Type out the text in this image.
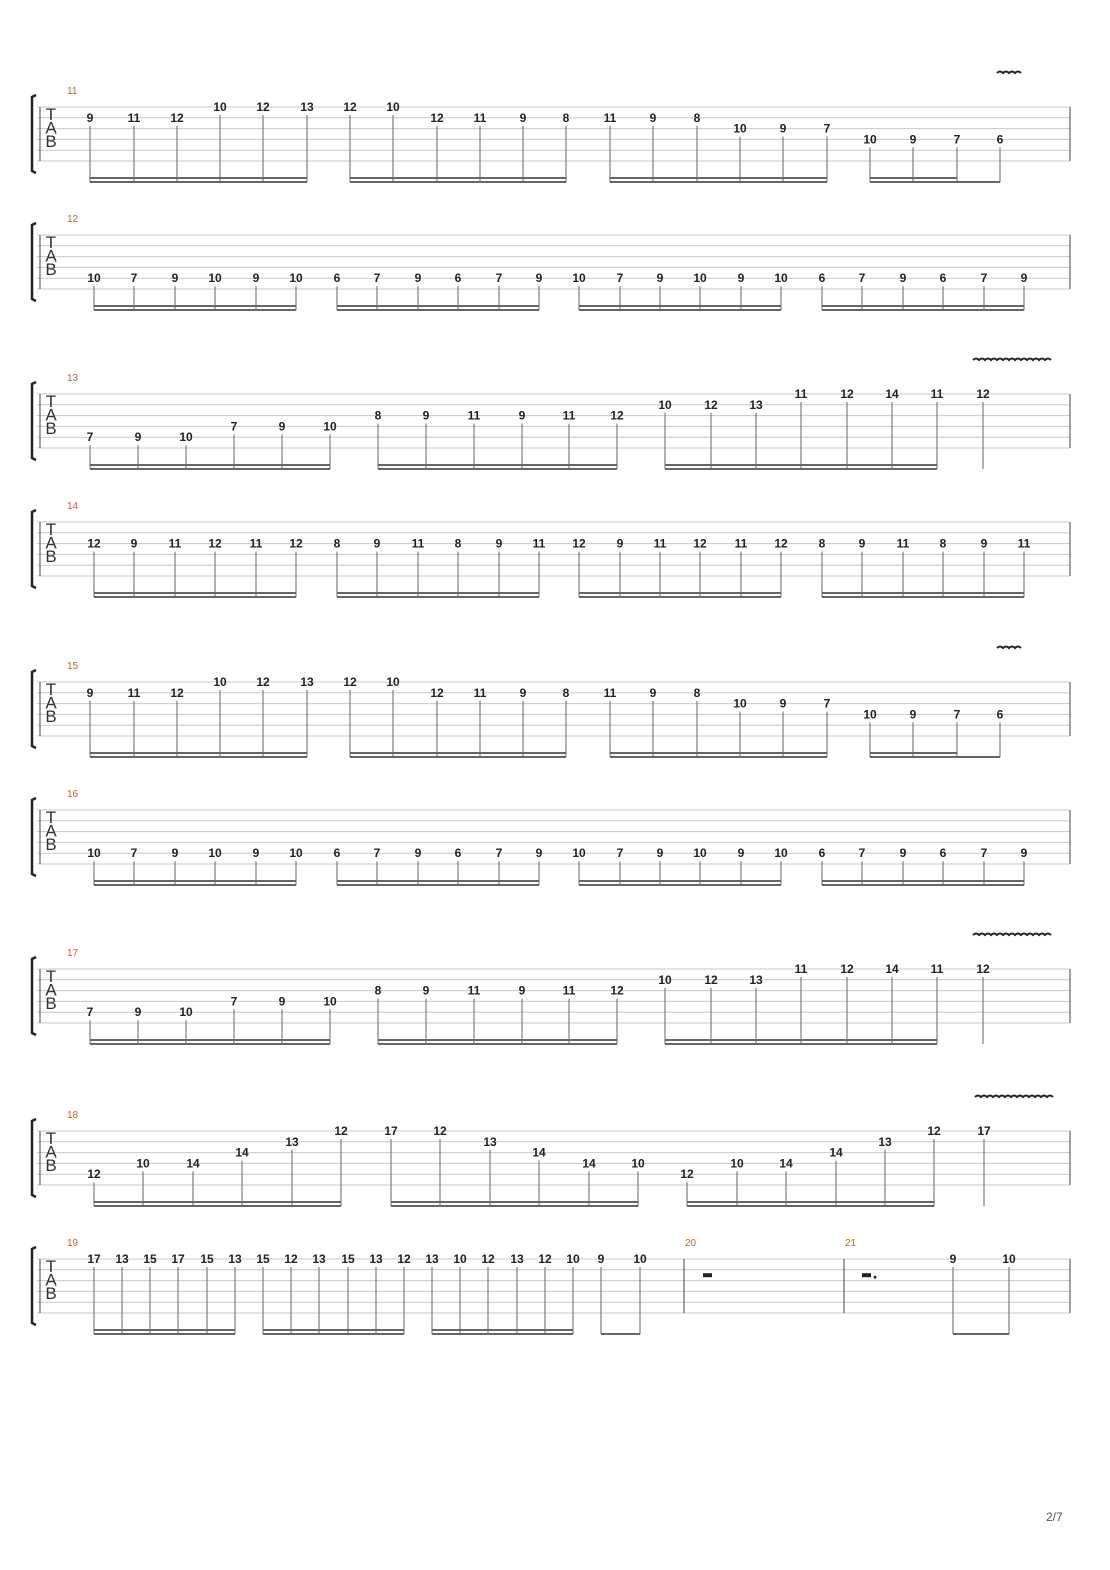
T
A
B
11
9	11 12
10 12	13 12 10
12 11	9	8	11	9	8
10	9	7
10	9	7	6
T
A
B
12
10 7	9 10	9 10	6	7	9	6	7	9 10	7	9 10	9 10	6	7	9	6	7	9
T
A
B
13
7	9	10
7	9	10
8	9	11	9	11	12
10	12	13
11	12	14	11	12
T
A
B
14
12 9	11 12 11 12	8	9	11	8	9	11 12	9	11 12 11 12	8	9	11	8	9	11
T
A
B
15
9	11 12
10 12	13 12 10
12 11	9	8	11	9	8
10	9	7
10	9	7	6
T
A
B
16
10 7	9 10	9 10	6	7	9	6	7	9 10	7	9 10	9 10	6	7	9	6	7	9
T
A
B
17
7	9	10
7	9	10
8	9	11	9	11	12
10	12	13
11	12	14	11	12
T
A
B
18
12
10	14
14
13
12	17	12
13
14
14	10
12
10	14
14
13
12	17
T
A
B
19	20	21
17 13 15 17 15 13 15 12 13 15 13 12 13 10 12 13 12 10 9 10	9	10
2/7
